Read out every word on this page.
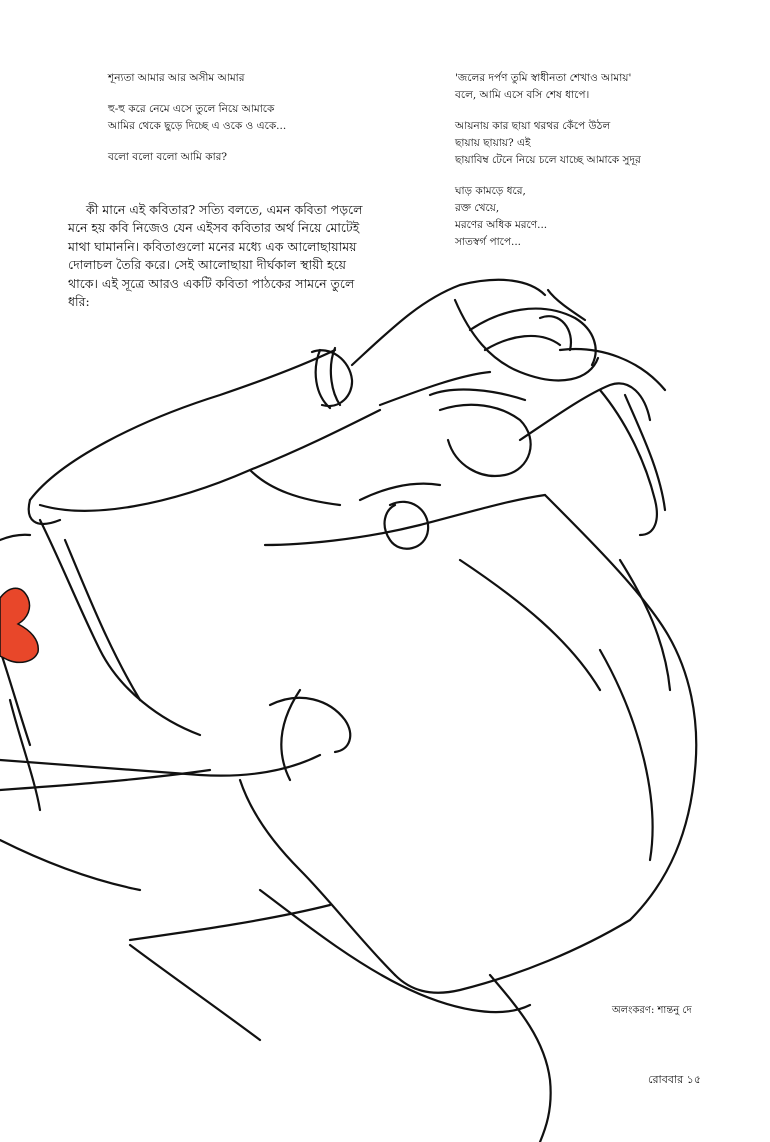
শূন্যতা আমার আর অসীম আমার
হু-হু করে নেমে এসে তুলে নিয়ে আমাকে
আমির থেকে ছুড়ে দিচ্ছে এ ওকে ও একে...
বলো বলো বলো আমি কার?
'জলের দর্পণ তুমি স্বাধীনতা শেখাও আমায়'
বলে, আমি এসে বসি শেষ ধাপে।
আয়নায় কার ছায়া থরথর কেঁপে উঠল
ছায়ায় ছায়ায়? এই
ছায়াবিম্ব টেনে নিয়ে চলে যাচ্ছে আমাকে সুদূর
ঘাড় কামড়ে ধরে,
রক্ত খেয়ে,
মরণের অধিক মরণে...
সাতস্বর্গ পাপে...

কী মানে এই কবিতার? সত্যি বলতে, এমন কবিতা পড়লে মনে হয় কবি নিজেও যেন এইসব কবিতার অর্থ নিয়ে মোটেই মাথা ঘামাননি। কবিতাগুলো মনের মধ্যে এক আলোছায়াময় দোলাচল তৈরি করে। সেই আলোছায়া দীর্ঘকাল স্থায়ী হয়ে থাকে। এই সূত্রে আরও একটি কবিতা পাঠকের সামনে তুলে ধরি:

অলংকরণ: শান্তনু দে
রোববার ১৫
